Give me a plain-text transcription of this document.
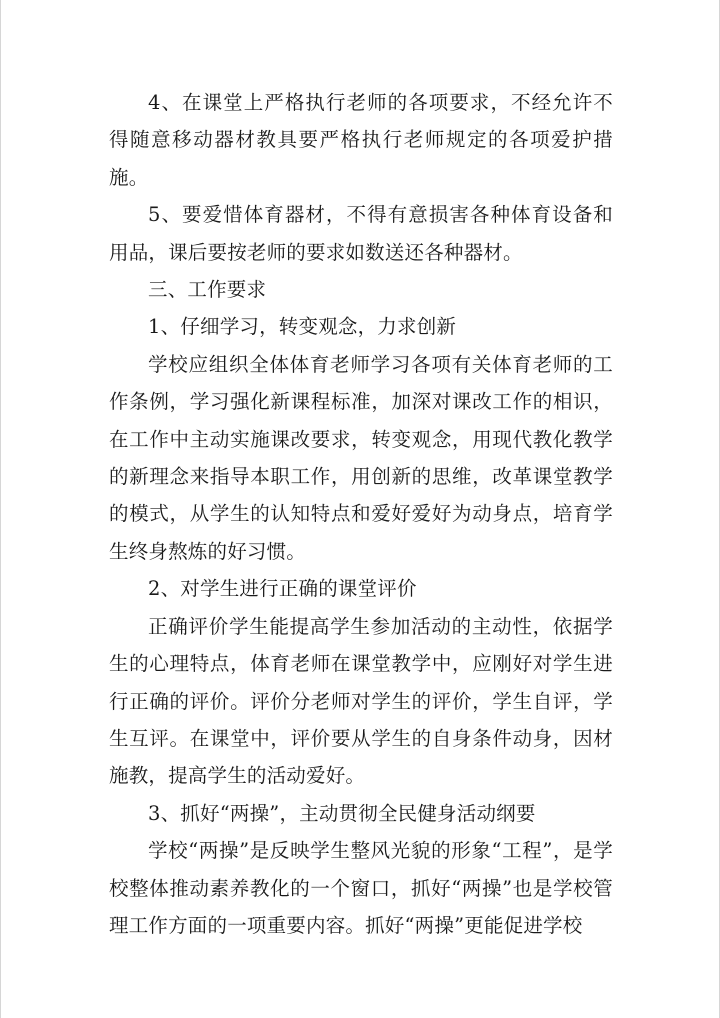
4、在课堂上严格执行老师的各项要求，不经允许不得随意移动器材教具要严格执行老师规定的各项爱护措施。

5、要爱惜体育器材，不得有意损害各种体育设备和用品，课后要按老师的要求如数送还各种器材。

三、工作要求

1、仔细学习，转变观念，力求创新

学校应组织全体体育老师学习各项有关体育老师的工作条例，学习强化新课程标准，加深对课改工作的相识，在工作中主动实施课改要求，转变观念，用现代教化教学的新理念来指导本职工作，用创新的思维，改革课堂教学的模式，从学生的认知特点和爱好爱好为动身点，培育学生终身熬炼的好习惯。

2、对学生进行正确的课堂评价

正确评价学生能提高学生参加活动的主动性，依据学生的心理特点，体育老师在课堂教学中，应刚好对学生进行正确的评价。评价分老师对学生的评价，学生自评，学生互评。在课堂中，评价要从学生的自身条件动身，因材施教，提高学生的活动爱好。

3、抓好“两操”，主动贯彻全民健身活动纲要

学校“两操”是反映学生整风光貌的形象“工程”，是学校整体推动素养教化的一个窗口，抓好“两操”也是学校管理工作方面的一项重要内容。抓好“两操”更能促进学校
